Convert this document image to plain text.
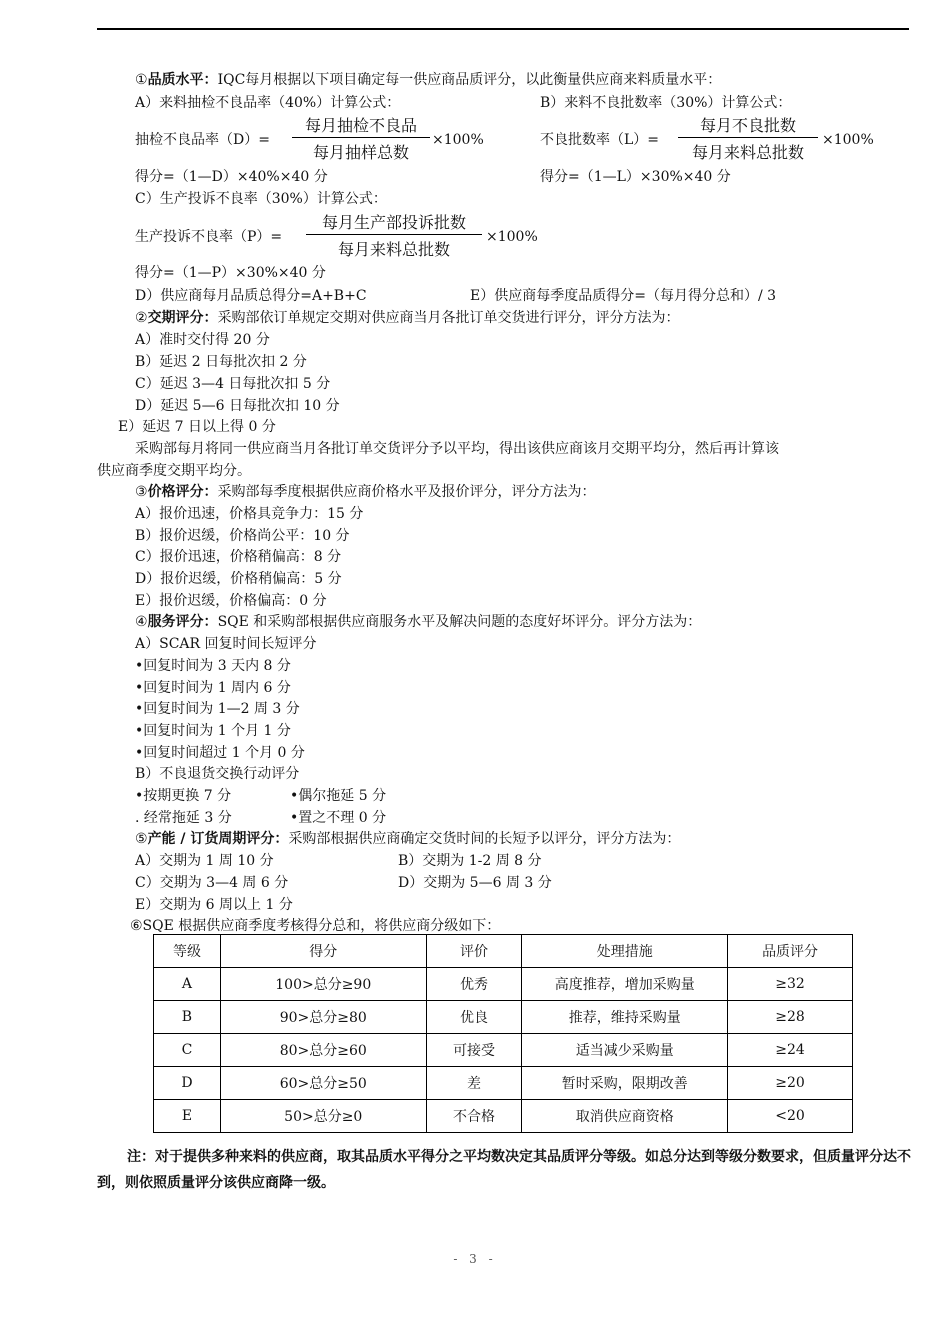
①品质水平：IQC每月根据以下项目确定每一供应商品质评分，以此衡量供应商来料质量水平：
A）来料抽检不良品率（40%）计算公式：	B）来料不良批数率（30%）计算公式：
抽检不良品率（D）=
每月抽检不良品
每月抽样总数
×100%	不良批数率（L）=
每月不良批数
每月来料总批数
×100%
得分=（1—D）×40%×40 分	得分=（1—L）×30%×40 分
C）生产投诉不良率（30%）计算公式：
生产投诉不良率（P）=
每月生产部投诉批数
每月来料总批数
×100%
得分=（1—P）×30%×40 分
D）供应商每月品质总得分=A+B+C	E）供应商每季度品质得分=（每月得分总和）/ 3
②交期评分：采购部依订单规定交期对供应商当月各批订单交货进行评分，评分方法为：
A）准时交付得 20 分
B）延迟 2 日每批次扣 2 分
C）延迟 3—4 日每批次扣 5 分
D）延迟 5—6 日每批次扣 10 分
E）延迟 7 日以上得 0 分
采购部每月将同一供应商当月各批订单交货评分予以平均，得出该供应商该月交期平均分，然后再计算该
供应商季度交期平均分。
③价格评分：采购部每季度根据供应商价格水平及报价评分，评分方法为：
A）报价迅速，价格具竞争力：15 分
B）报价迟缓，价格尚公平：10 分
C）报价迅速，价格稍偏高：8 分
D）报价迟缓，价格稍偏高：5 分
E）报价迟缓，价格偏高：0 分
④服务评分：SQE 和采购部根据供应商服务水平及解决问题的态度好坏评分。评分方法为：
A）SCAR 回复时间长短评分
•回复时间为 3 天内 8 分
•回复时间为 1 周内 6 分
•回复时间为 1—2 周 3 分
•回复时间为 1 个月 1 分
•回复时间超过 1 个月 0 分
B）不良退货交换行动评分
•按期更换 7 分	•偶尔拖延 5 分
. 经常拖延 3 分	•置之不理 0 分
⑤产能 / 订货周期评分：采购部根据供应商确定交货时间的长短予以评分，评分方法为：
A）交期为 1 周 10 分	B）交期为 1-2 周 8 分
C）交期为 3—4 周 6 分	D）交期为 5—6 周 3 分
E）交期为 6 周以上 1 分
⑥SQE 根据供应商季度考核得分总和，将供应商分级如下：
等级	得分	评价	处理措施	品质评分
A	100>总分≥90	优秀	高度推荐，增加采购量	≥32
B	90>总分≥80	优良	推荐，维持采购量	≥28
C	80>总分≥60	可接受	适当减少采购量	≥24
D	60>总分≥50	差	暂时采购，限期改善	≥20
E	50>总分≥0	不合格	取消供应商资格	<20
注：对于提供多种来料的供应商，取其品质水平得分之平均数决定其品质评分等级。如总分达到等级分数要求，但质量评分达不到，则依照质量评分该供应商降一级。
- 3 -
